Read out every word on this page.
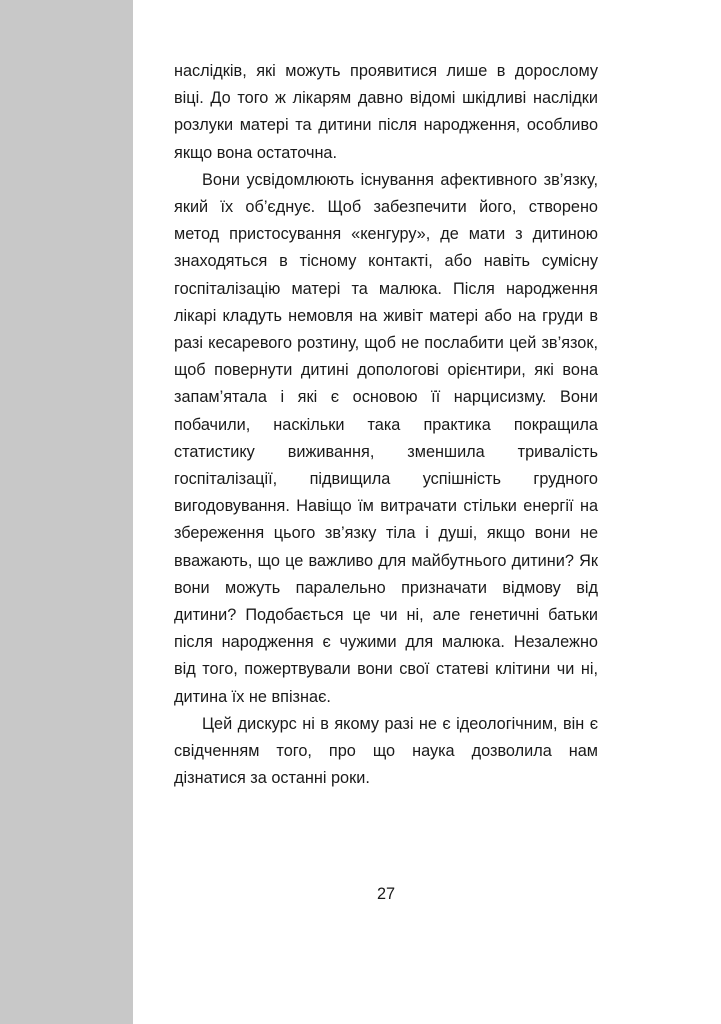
наслідків, які можуть проявитися лише в дорослому віці. До того ж лікарям давно відомі шкідливі наслідки розлуки матері та дитини після народження, особливо якщо вона остаточна.

Вони усвідомлюють існування афективного зв’язку, який їх об’єднує. Щоб забезпечити його, створено метод пристосування «кенгуру», де мати з дитиною знаходяться в тісному контакті, або навіть сумісну госпіталізацію матері та малюка. Після народження лікарі кладуть немовля на живіт матері або на груди в разі кесаревого розтину, щоб не послабити цей зв’язок, щоб повернути дитині допологові орієнтири, які вона запам’ятала і які є основою її нарцисизму. Вони побачили, наскільки така практика покращила статистику виживання, зменшила тривалість госпіталізації, підвищила успішність грудного вигодовування. Навіщо їм витрачати стільки енергії на збереження цього зв’язку тіла і душі, якщо вони не вважають, що це важливо для майбутнього дитини? Як вони можуть паралельно призначати відмову від дитини? Подобається це чи ні, але генетичні батьки після народження є чужими для малюка. Незалежно від того, пожертвували вони свої статеві клітини чи ні, дитина їх не впізнає.

Цей дискурс ні в якому разі не є ідеологічним, він є свідченням того, про що наука дозволила нам дізнатися за останні роки.

27
